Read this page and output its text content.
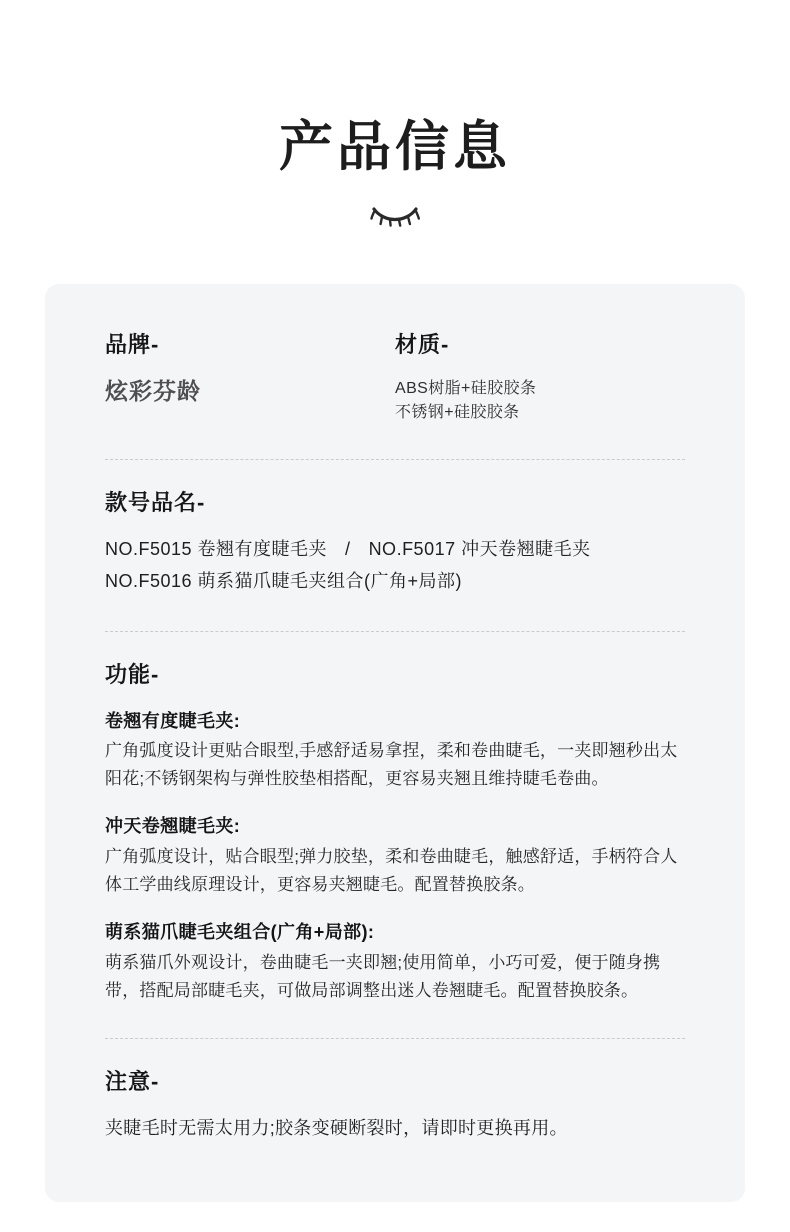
产品信息

品牌-

炫彩芬龄

材质-

ABS树脂+硅胶胶条
不锈钢+硅胶胶条

款号品名-

NO.F5015 卷翘有度睫毛夹 / NO.F5017 冲天卷翘睫毛夹
NO.F5016 萌系猫爪睫毛夹组合(广角+局部)

功能-

卷翘有度睫毛夹:

广角弧度设计更贴合眼型,手感舒适易拿捏，柔和卷曲睫毛，一夹即翘秒出太阳花;不锈钢架构与弹性胶垫相搭配，更容易夹翘且维持睫毛卷曲。

冲天卷翘睫毛夹:

广角弧度设计，贴合眼型;弹力胶垫，柔和卷曲睫毛，触感舒适，手柄符合人体工学曲线原理设计，更容易夹翘睫毛。配置替换胶条。

萌系猫爪睫毛夹组合(广角+局部):

萌系猫爪外观设计，卷曲睫毛一夹即翘;使用简单，小巧可爱，便于随身携带，搭配局部睫毛夹，可做局部调整出迷人卷翘睫毛。配置替换胶条。

注意-

夹睫毛时无需太用力;胶条变硬断裂时，请即时更换再用。
